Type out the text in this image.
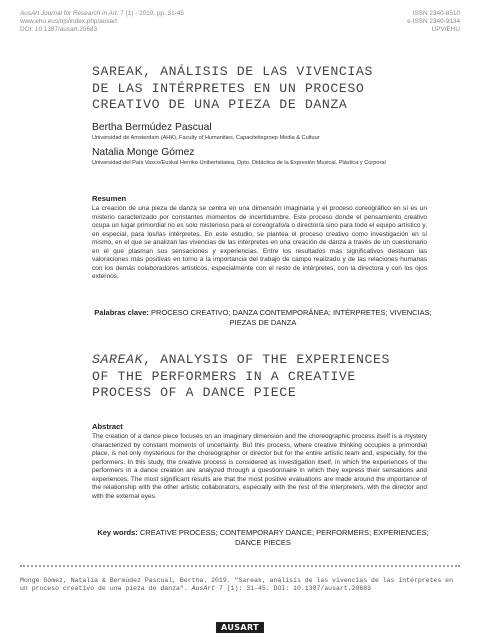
AusArt Journal for Research in Art. 7 (1) - 2019. pp. 31-45
www.ehu.eus/ojs/index.php/ausart
DOI: 10.1387/ausart.20683
ISSN 2340-8510
e-ISSN 2340-9134
UPV/EHU
SAREAK, ANÁLISIS DE LAS VIVENCIAS
DE LAS INTÉRPRETES EN UN PROCESO
CREATIVO DE UNA PIEZA DE DANZA
Bertha Bermúdez Pascual
Universidad de Amsterdam (AHK), Faculty of Humanities, Capaciteitsgroep Media & Cultuur
Natalia Monge Gómez
Universidad del País Vasco/Euskal Herriko Unibertsitatea, Dpto. Didáctica de la Expresión Musical, Plástica y Corporal
Resumen
La creación de una pieza de danza se centra en una dimensión imaginaria y el proceso coreográfico en sí es un misterio caracterizado por constantes momentos de incertidumbre. Este proceso donde el pensamiento creativo ocupa un lugar primordial no es solo misterioso para el coreógrafo/a o director/a sino para todo el equipo artístico y, en especial, para los/las intérpretes. En este estudio, se plantea el proceso creativo como investigación en sí mismo, en el que se analizan las vivencias de las intérpretes en una creación de danza a través de un cuestionario en el que plasman sus sensaciones y experiencias. Entre los resultados más significativos destacan las valoraciones más positivas en torno a la importancia del trabajo de campo realizado y de las relaciones humanas con los demás colaboradores artísticos, especialmente con el resto de intérpretes, con la directora y con los ojos externos.
Palabras clave: PROCESO CREATIVO; DANZA CONTEMPORÁNEA; INTÉRPRETES; VIVENCIAS; PIEZAS DE DANZA
SAREAK, ANALYSIS OF THE EXPERIENCES
OF THE PERFORMERS IN A CREATIVE
PROCESS OF A DANCE PIECE
Abstract
The creation of a dance piece focuses on an imaginary dimension and the choreographic process itself is a mystery characterized by constant moments of uncertainty. But this process, where creative thinking occupies a primordial place, is not only mysterious for the choreographer or director but for the entire artistic team and, especially, for the performers. In this study, the creative process is considered as investigation itself, in which the experiences of the performers in a dance creation are analyzed through a questionnaire in which they express their sensations and experiences. The most significant results are that the most positive evaluations are made around the importance of the relationship with the other artistic collaborators, especially with the rest of the interpreters, with the director and with the external eyes.
Key words: CREATIVE PROCESS; CONTEMPORARY DANCE; PERFORMERS; EXPERIENCES; DANCE PIECES
Monge Gómez, Natalia & Bermúdez Pascual, Bertha. 2019. "Sareak, análisis de las vivencias de las intérpretes en un proceso creativo de una pieza de danza". AusArt 7 (1): 31-45. DOI: 10.1387/ausart.20683
AUSART
